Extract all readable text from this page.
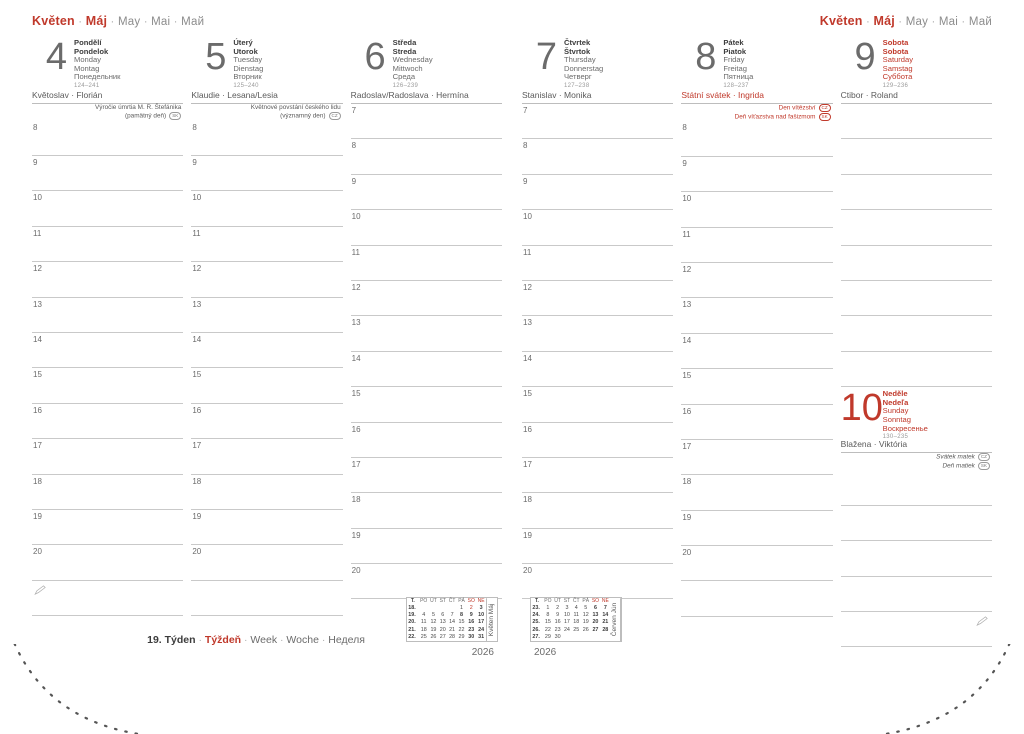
Květen · Máj · May · Mai · Май
4 Pondělí
Pondelok
Monday
Montag
Понедельник
124–241
Květoslav · Florián
Výročie úmrtia M. R. Štefánika
(pamätný deň) SK
8
9
10
11
12
13
14
15
16
17
18
19
20
5 Úterý
Utorok
Tuesday
Dienstag
Вторник
125–240
Klaudie · Lesana/Lesia
Květnové povstání českého lidu
(významný den) CZ
8
9
10
11
12
13
14
15
16
17
18
19
20
6 Středa
Streda
Wednesday
Mittwoch
Среда
126–239
Radoslav/Radoslava · Hermína
7
8
9
10
11
12
13
14
15
16
17
18
19
20
T.	PO	ÚT	ST	ČT	PÁ	SO	NE
18.					1	2	3
19.	4	5	6	7	8	9	10
20.	11	12	13	14	15	16	17
21.	18	19	20	21	22	23	24
22.	25	26	27	28	29	30	31
Květen

Máj
2026
19. Týden · Týždeň · Week · Woche · Неделя
Květen · Máj · May · Mai · Май
7 Čtvrtek
Štvrtok
Thursday
Donnerstag
Четверг
127–238
Stanislav · Monika
7
8
9
10
11
12
13
14
15
16
17
18
19
20
8 Pátek
Piatok
Friday
Freitag
Пятница
128–237
Státní svátek · Ingrida
Den vítězství CZ
Deň víťazstva nad fašizmom SK
8
9
10
11
12
13
14
15
16
17
18
19
20
9 Sobota
Sobota
Saturday
Samstag
Суббота
129–236
Ctibor · Roland
10 Neděle
Nedeľa
Sunday
Sonntag
Воскресенье
130–235
Blažena · Viktória
Svátek matek CZ
Deň matiek SK
T.	PO	ÚT	ST	ČT	PÁ	SO	NE
23.	1	2	3	4	5	6	7
24.	8	9	10	11	12	13	14
25.	15	16	17	18	19	20	21
26.	22	23	24	25	26	27	28
27.	29	30					
Červen

Jún
2026
